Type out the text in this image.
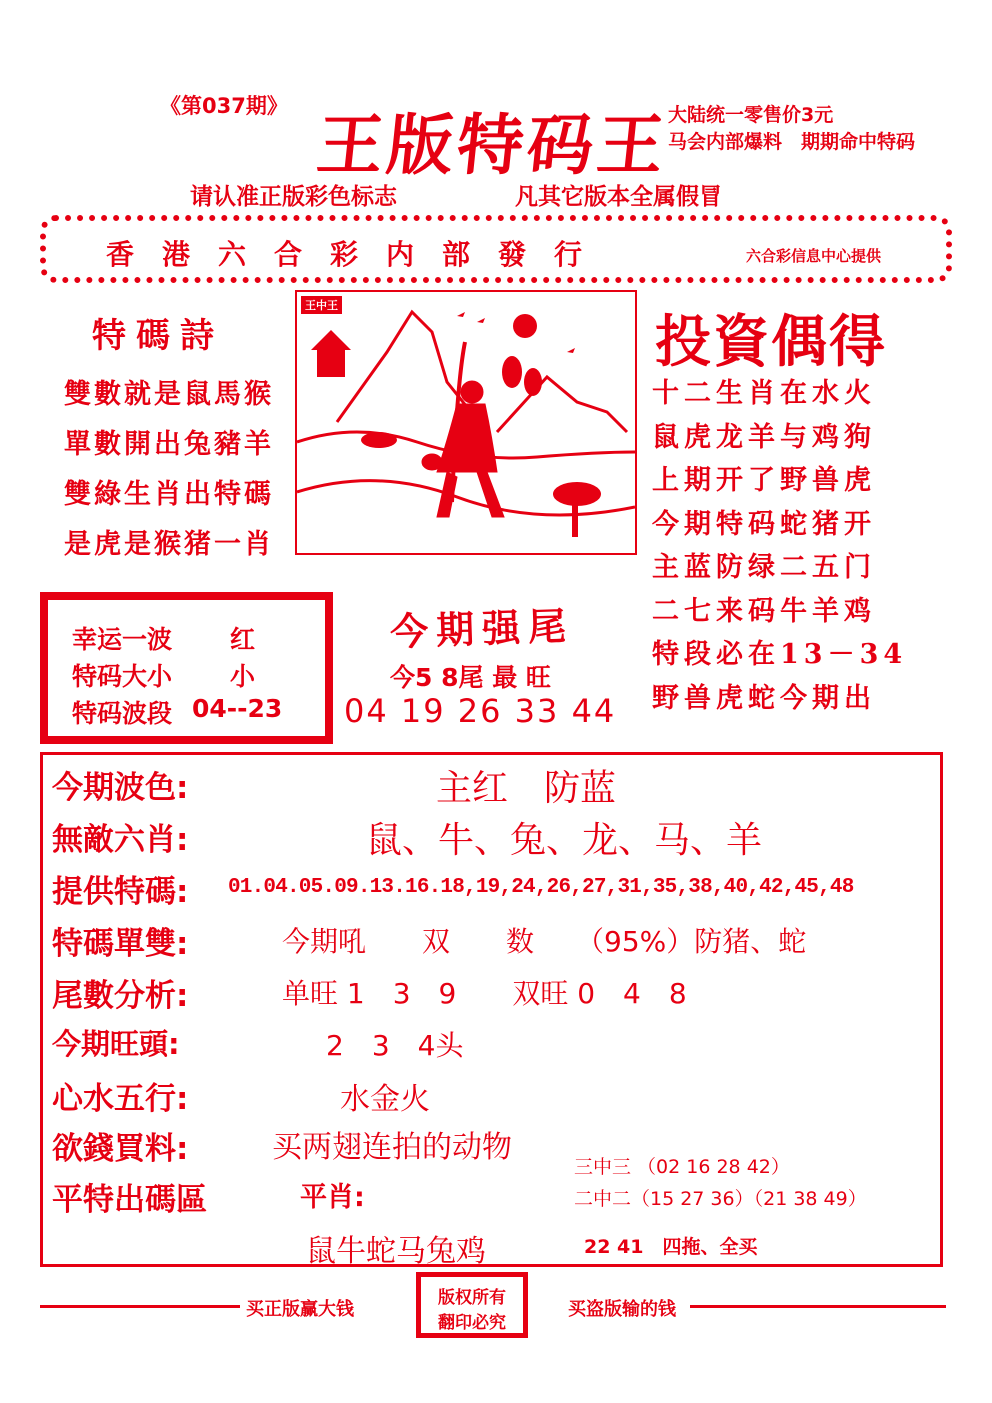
《第037期》 王版特码王
大陆统一零售价3元
马会内部爆料　期期命中特码
请认准正版彩色标志	凡其它版本全属假冒
香　港　六　合　彩　内　部　發　行	六合彩信息中心提供
特碼詩
雙數就是鼠馬猴
單數開出兔豬羊
雙綠生肖出特碼
是虎是猴猪一肖
王中王
投資偶得
十二生肖在水火
鼠虎龙羊与鸡狗
上期开了野兽虎
今期特码蛇猪开
主蓝防绿二五门
二七来码牛羊鸡
特段必在13－34
野兽虎蛇今期出
幸运一波 红
特码大小 小
特码波段 04--23
今期强尾
今5 8尾 最 旺
04 19 26 33 44
今期波色:	主红　防蓝
無敵六肖:	鼠、牛、兔、龙、马、羊
提供特碼: 01.04.05.09.13.16.18,19,24,26,27,31,35,38,40,42,45,48
特碼單雙:	今期吼　　双　　数　　（95%）防猪、蛇
尾數分析:	单旺 1　3　9　　双旺 0　4　8
今期旺頭:	2　3　4头
心水五行:	水金火
欲錢買料:	买两翅连拍的动物
平特出碼區	平肖:
鼠牛蛇马兔鸡
三中三 （02 16 28 42）
二中二（15 27 36）（21 38 49）
22 41　四拖、全买
买正版赢大钱
版权所有
翻印必究
买盗版输的钱
